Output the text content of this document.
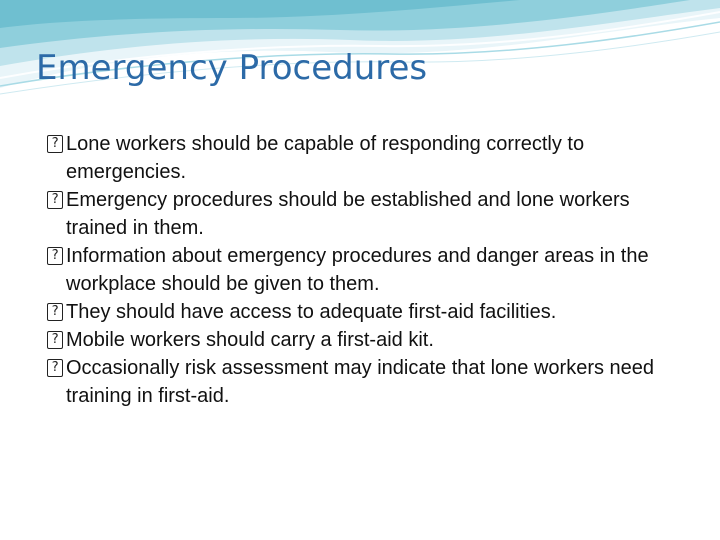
Emergency Procedures
? Lone workers should be capable of responding correctly to emergencies.
? Emergency procedures should be established and lone workers trained in them.
? Information about emergency procedures and danger areas in the workplace should be given to them.
? They should have access to adequate first-aid facilities.
? Mobile workers should carry a first-aid kit.
? Occasionally risk assessment may indicate that lone workers need training in first-aid.
